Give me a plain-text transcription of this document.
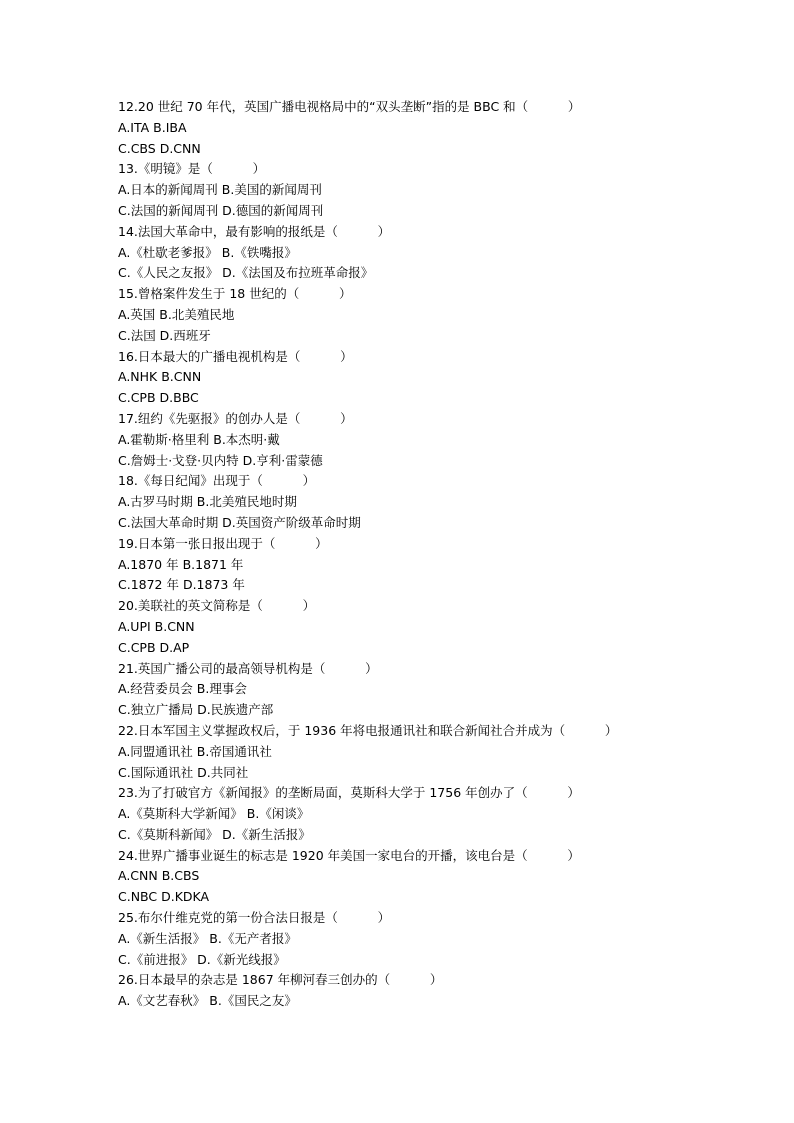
12.20 世纪 70 年代，英国广播电视格局中的“双头垄断”指的是 BBC 和（          ）
A.ITA B.IBA
C.CBS D.CNN
13.《明镜》是（          ）
A.日本的新闻周刊 B.美国的新闻周刊
C.法国的新闻周刊 D.德国的新闻周刊
14.法国大革命中，最有影响的报纸是（          ）
A.《杜歇老爹报》 B.《铁嘴报》
C.《人民之友报》 D.《法国及布拉班革命报》
15.曾格案件发生于 18 世纪的（          ）
A.英国 B.北美殖民地
C.法国 D.西班牙
16.日本最大的广播电视机构是（          ）
A.NHK B.CNN
C.CPB D.BBC
17.纽约《先驱报》的创办人是（          ）
A.霍勒斯·格里利 B.本杰明·戴
C.詹姆士·戈登·贝内特 D.亨利·雷蒙德
18.《每日纪闻》出现于（          ）
A.古罗马时期 B.北美殖民地时期
C.法国大革命时期 D.英国资产阶级革命时期
19.日本第一张日报出现于（          ）
A.1870 年 B.1871 年
C.1872 年 D.1873 年
20.美联社的英文简称是（          ）
A.UPI B.CNN
C.CPB D.AP
21.英国广播公司的最高领导机构是（          ）
A.经营委员会 B.理事会
C.独立广播局 D.民族遗产部
22.日本军国主义掌握政权后，于 1936 年将电报通讯社和联合新闻社合并成为（          ）
A.同盟通讯社 B.帝国通讯社
C.国际通讯社 D.共同社
23.为了打破官方《新闻报》的垄断局面，莫斯科大学于 1756 年创办了（          ）
A.《莫斯科大学新闻》 B.《闲谈》
C.《莫斯科新闻》 D.《新生活报》
24.世界广播事业诞生的标志是 1920 年美国一家电台的开播，该电台是（          ）
A.CNN B.CBS
C.NBC D.KDKA
25.布尔什维克党的第一份合法日报是（          ）
A.《新生活报》 B.《无产者报》
C.《前进报》 D.《新光线报》
26.日本最早的杂志是 1867 年柳河春三创办的（          ）
A.《文艺春秋》 B.《国民之友》
